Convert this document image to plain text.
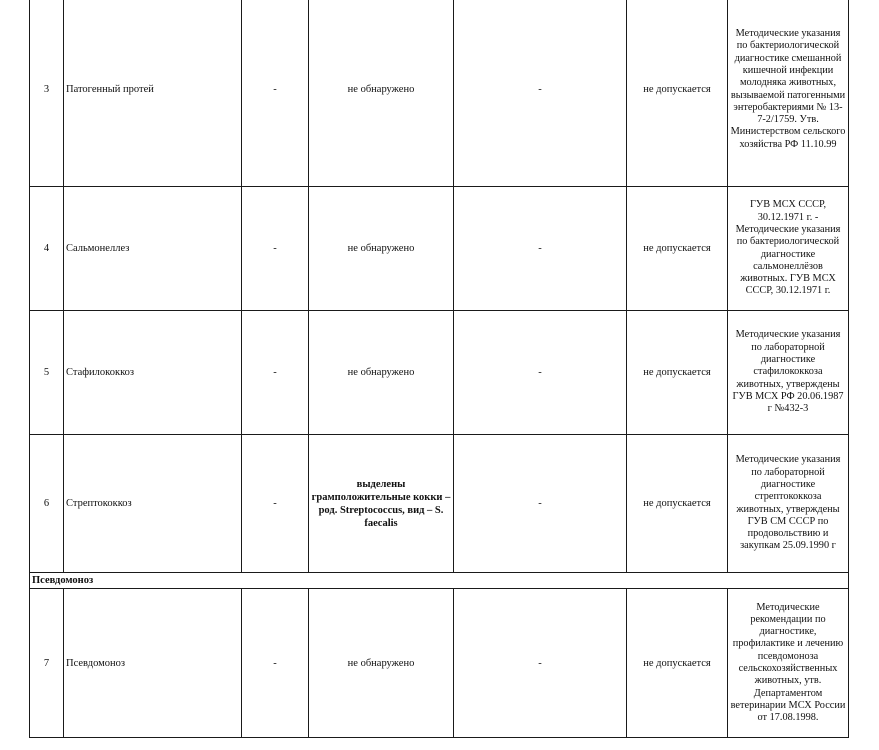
3	Патогенный протей	-	не обнаружено	-	не допускается	Методические указания по бактериологической диагностике смешанной кишечной инфекции молодняка животных, вызываемой патогенными энтеробактериями № 13-7-2/1759. Утв. Министерством сельского хозяйства РФ 11.10.99
4	Сальмонеллез	-	не обнаружено	-	не допускается	ГУВ МСХ СССР, 30.12.1971 г. - Методические указания по бактериологической диагностике сальмонеллёзов животных. ГУВ МСХ СССР, 30.12.1971 г.
5	Стафилококкоз	-	не обнаружено	-	не допускается	Методические указания по лабораторной диагностике стафилококкоза животных, утверждены ГУВ МСХ РФ 20.06.1987 г №432-3
6	Стрептококкоз	-	выделены грамположительные кокки – род. Streptococcus, вид – S. faecalis	-	не допускается	Методические указания по лабораторной диагностике стрептококкоза животных, утверждены ГУВ СМ СССР по продовольствию и закупкам 25.09.1990 г
Псевдомоноз						
7	Псевдомоноз	-	не обнаружено	-	не допускается	Методические рекомендации по диагностике, профилактике и лечению псевдомоноза сельскохозяйственных животных, утв. Департаментом ветеринарии МСХ России от 17.08.1998.
